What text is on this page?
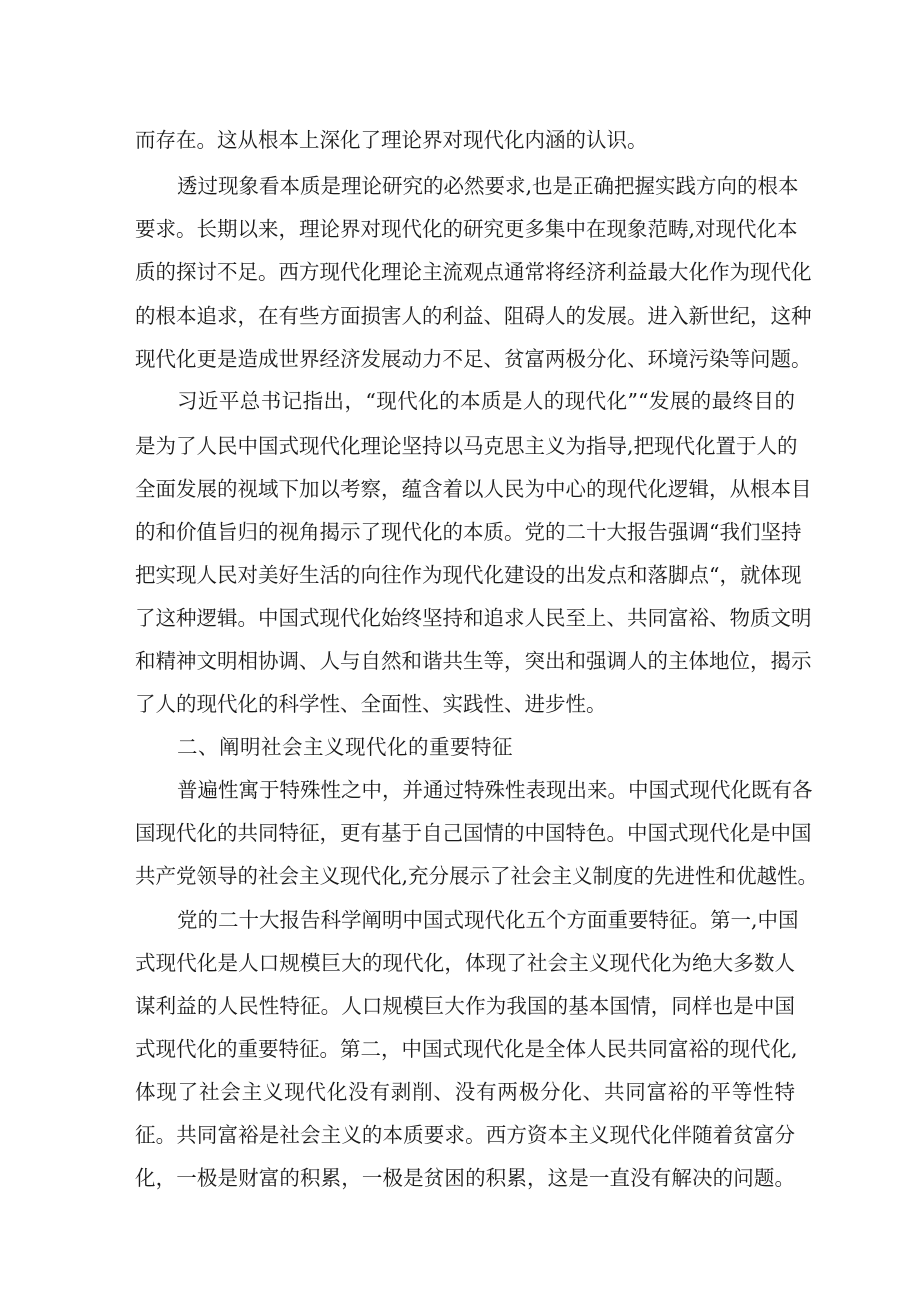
而存在。这从根本上深化了理论界对现代化内涵的认识。
透过现象看本质是理论研究的必然要求,也是正确把握实践方向的根本
要求。长期以来，理论界对现代化的研究更多集中在现象范畴,对现代化本
质的探讨不足。西方现代化理论主流观点通常将经济利益最大化作为现代化
的根本追求，在有些方面损害人的利益、阻碍人的发展。进入新世纪，这种
现代化更是造成世界经济发展动力不足、贫富两极分化、环境污染等问题。
习近平总书记指出，“现代化的本质是人的现代化”“发展的最终目的
是为了人民中国式现代化理论坚持以马克思主义为指导,把现代化置于人的
全面发展的视域下加以考察，蕴含着以人民为中心的现代化逻辑，从根本目
的和价值旨归的视角揭示了现代化的本质。党的二十大报告强调“我们坚持
把实现人民对美好生活的向往作为现代化建设的出发点和落脚点“，就体现
了这种逻辑。中国式现代化始终坚持和追求人民至上、共同富裕、物质文明
和精神文明相协调、人与自然和谐共生等，突出和强调人的主体地位，揭示
了人的现代化的科学性、全面性、实践性、进步性。
二、阐明社会主义现代化的重要特征
普遍性寓于特殊性之中，并通过特殊性表现出来。中国式现代化既有各
国现代化的共同特征，更有基于自己国情的中国特色。中国式现代化是中国
共产党领导的社会主义现代化,充分展示了社会主义制度的先进性和优越性。
党的二十大报告科学阐明中国式现代化五个方面重要特征。第一,中国
式现代化是人口规模巨大的现代化，体现了社会主义现代化为绝大多数人
谋利益的人民性特征。人口规模巨大作为我国的基本国情，同样也是中国
式现代化的重要特征。第二，中国式现代化是全体人民共同富裕的现代化,
体现了社会主义现代化没有剥削、没有两极分化、共同富裕的平等性特
征。共同富裕是社会主义的本质要求。西方资本主义现代化伴随着贫富分
化，一极是财富的积累，一极是贫困的积累，这是一直没有解决的问题。
